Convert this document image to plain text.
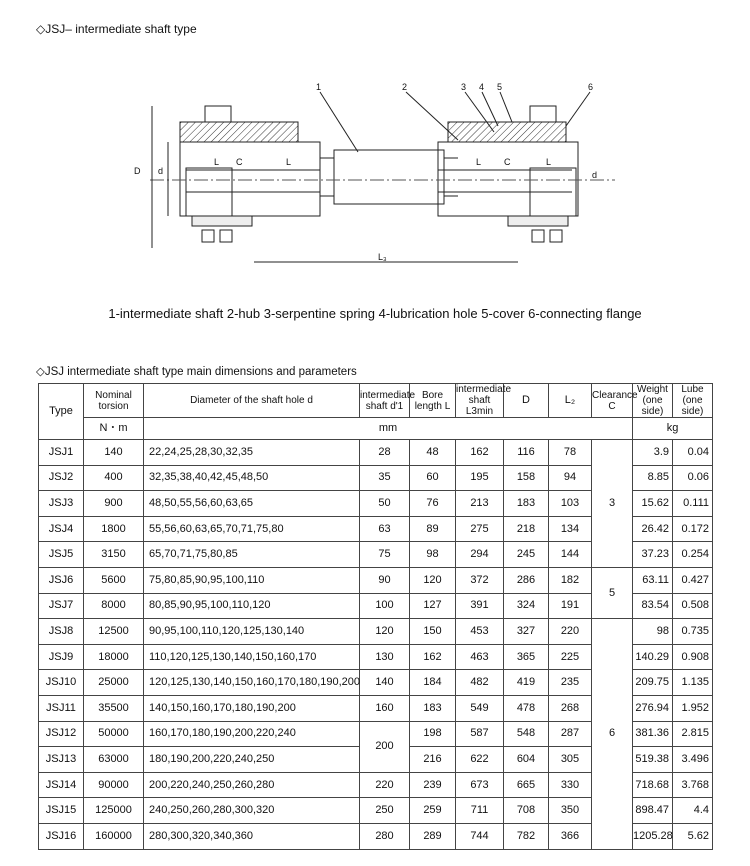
◇JSJ– intermediate shaft type
1	2	3 4 5	6
L C	L	L	C	L
D d	d
L₃
1-intermediate shaft 2-hub 3-serpentine spring 4-lubrication hole 5-cover 6-connecting flange
◇JSJ intermediate shaft type main dimensions and parameters
Type	Nominal torsion	Diameter of the shaft hole d	intermediate shaft d'1	Bore length L	intermediate shaft L3min	D	L₂	Clearance C	Weight (one side)	Lube (one side)
	N・m	mm							kg	
JSJ1	140	22,24,25,28,30,32,35	28	48	162	116	78	3	3.9	0.04
JSJ2	400	32,35,38,40,42,45,48,50	35	60	195	158	94		8.85	0.06
JSJ3	900	48,50,55,56,60,63,65	50	76	213	183	103		15.62	0.111
JSJ4	1800	55,56,60,63,65,70,71,75,80	63	89	275	218	134		26.42	0.172
JSJ5	3150	65,70,71,75,80,85	75	98	294	245	144		37.23	0.254
JSJ6	5600	75,80,85,90,95,100,110	90	120	372	286	182	5	63.11	0.427
JSJ7	8000	80,85,90,95,100,110,120	100	127	391	324	191		83.54	0.508
JSJ8	12500	90,95,100,110,120,125,130,140	120	150	453	327	220	6	98	0.735
JSJ9	18000	110,120,125,130,140,150,160,170	130	162	463	365	225		140.29	0.908
JSJ10	25000	120,125,130,140,150,160,170,180,190,200	140	184	482	419	235		209.75	1.135
JSJ11	35500	140,150,160,170,180,190,200	160	183	549	478	268		276.94	1.952
JSJ12	50000	160,170,180,190,200,220,240	200	198	587	548	287		381.36	2.815
JSJ13	63000	180,190,200,220,240,250		216	622	604	305		519.38	3.496
JSJ14	90000	200,220,240,250,260,280	220	239	673	665	330		718.68	3.768
JSJ15	125000	240,250,260,280,300,320	250	259	711	708	350		898.47	4.4
JSJ16	160000	280,300,320,340,360	280	289	744	782	366		1205.28	5.62
